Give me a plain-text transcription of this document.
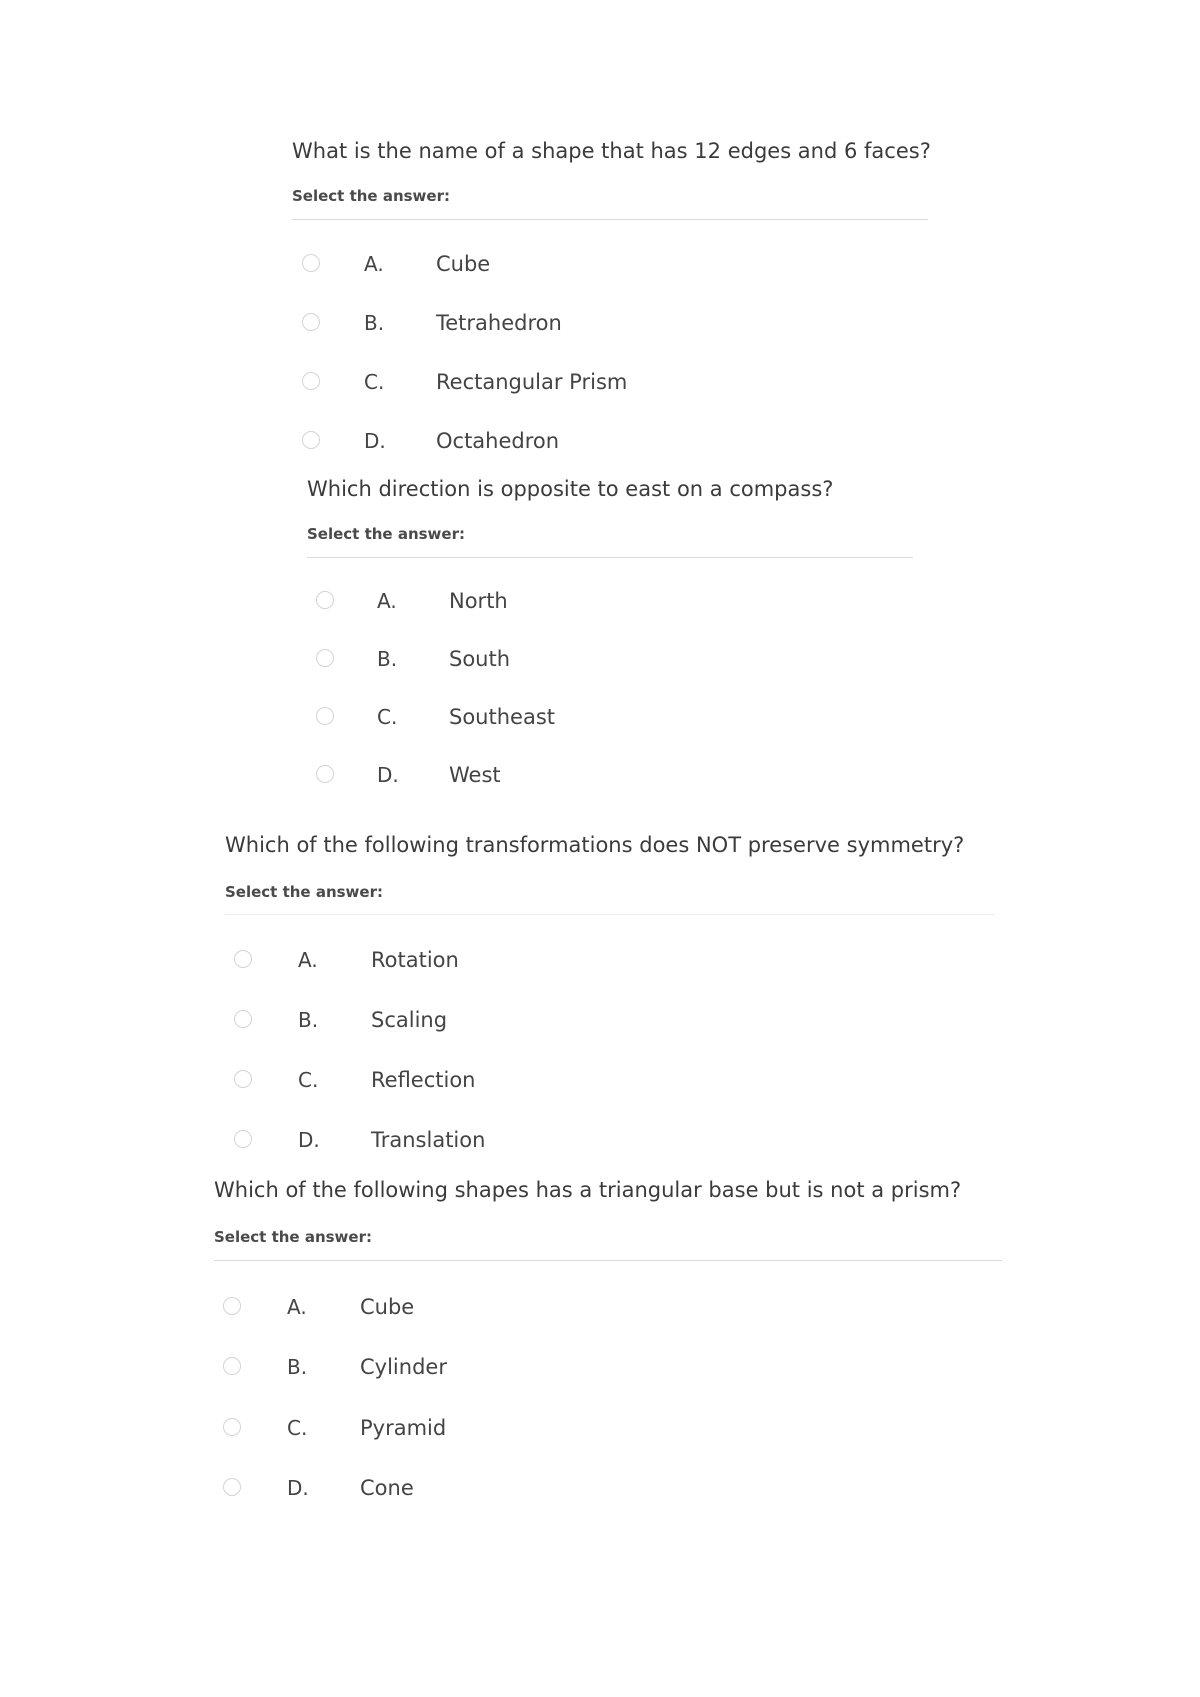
What is the name of a shape that has 12 edges and 6 faces?

Select the answer:

A. Cube
B. Tetrahedron
C. Rectangular Prism
D. Octahedron

Which direction is opposite to east on a compass?

Select the answer:

A. North
B. South
C. Southeast
D. West

Which of the following transformations does NOT preserve symmetry?

Select the answer:

A.	Rotation
B.	Scaling
C.	Reflection
D. Translation

Which of the following shapes has a triangular base but is not a prism?

Select the answer:

A.	Cube
B.	Cylinder
C.	Pyramid
D. Cone
